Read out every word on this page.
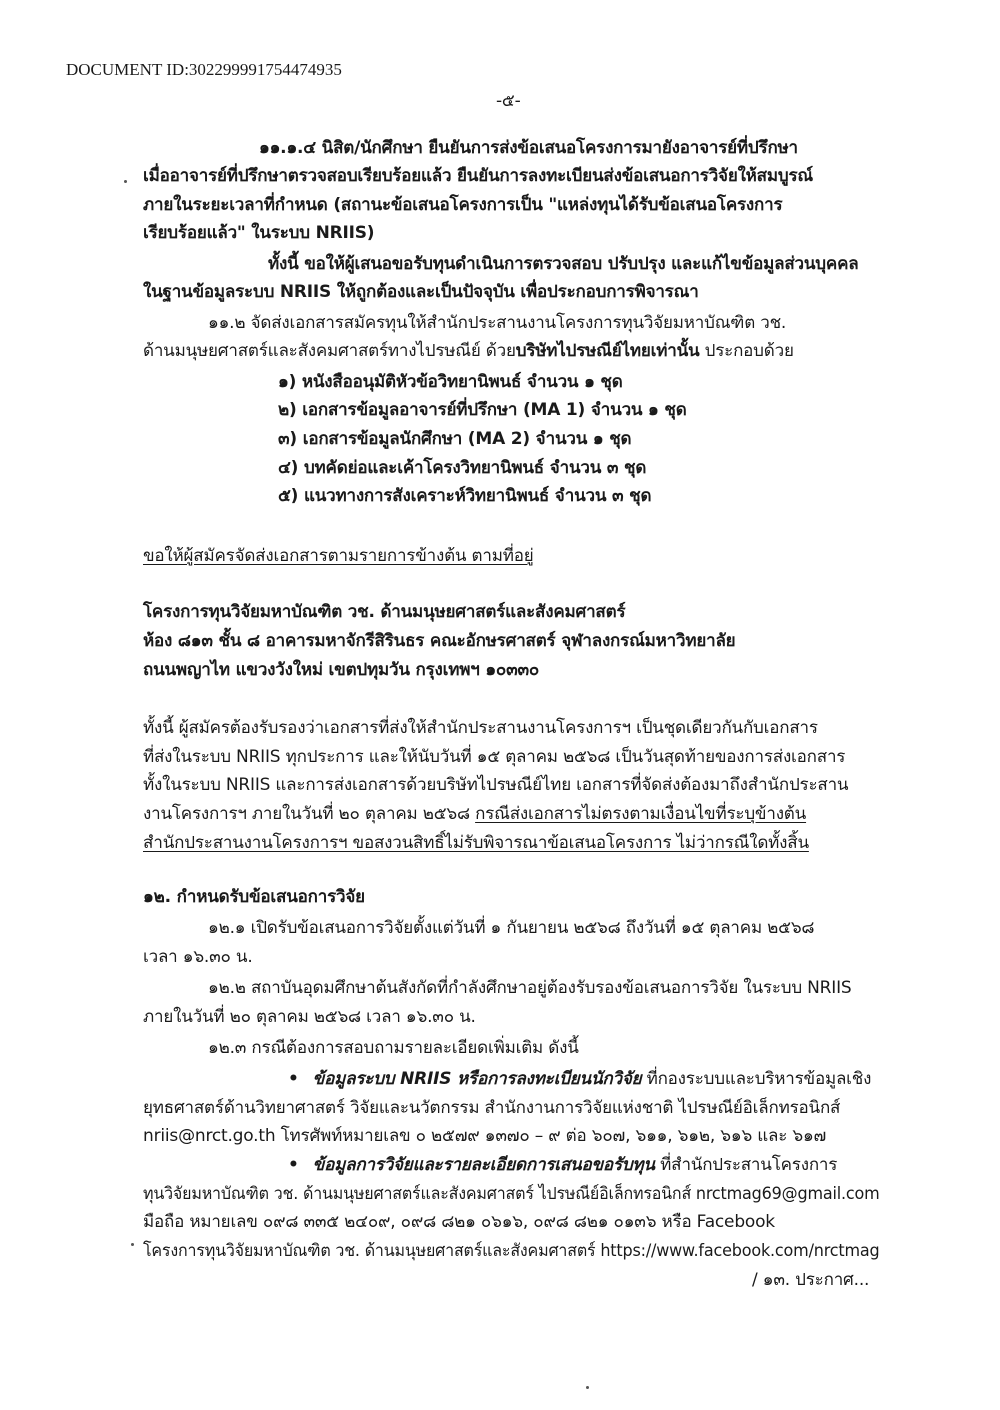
DOCUMENT ID:302299991754474935
-๕-
๑๑.๑.๔ นิสิต/นักศึกษา ยืนยันการส่งข้อเสนอโครงการมายังอาจารย์ที่ปรึกษา
เมื่ออาจารย์ที่ปรึกษาตรวจสอบเรียบร้อยแล้ว ยืนยันการลงทะเบียนส่งข้อเสนอการวิจัยให้สมบูรณ์
ภายในระยะเวลาที่กำหนด (สถานะข้อเสนอโครงการเป็น "แหล่งทุนได้รับข้อเสนอโครงการ
เรียบร้อยแล้ว" ในระบบ NRIIS)
ทั้งนี้ ขอให้ผู้เสนอขอรับทุนดำเนินการตรวจสอบ ปรับปรุง และแก้ไขข้อมูลส่วนบุคคล
ในฐานข้อมูลระบบ NRIIS ให้ถูกต้องและเป็นปัจจุบัน เพื่อประกอบการพิจารณา
๑๑.๒ จัดส่งเอกสารสมัครทุนให้สำนักประสานงานโครงการทุนวิจัยมหาบัณฑิต วช.
ด้านมนุษยศาสตร์และสังคมศาสตร์ทางไปรษณีย์ ด้วยบริษัทไปรษณีย์ไทยเท่านั้น ประกอบด้วย
๑) หนังสืออนุมัติหัวข้อวิทยานิพนธ์ จำนวน ๑ ชุด
๒) เอกสารข้อมูลอาจารย์ที่ปรึกษา (MA 1) จำนวน ๑ ชุด
๓) เอกสารข้อมูลนักศึกษา (MA 2) จำนวน ๑ ชุด
๔) บทคัดย่อและเค้าโครงวิทยานิพนธ์ จำนวน ๓ ชุด
๕) แนวทางการสังเคราะห์วิทยานิพนธ์ จำนวน ๓ ชุด
ขอให้ผู้สมัครจัดส่งเอกสารตามรายการข้างต้น ตามที่อยู่
โครงการทุนวิจัยมหาบัณฑิต วช. ด้านมนุษยศาสตร์และสังคมศาสตร์
ห้อง ๘๑๓ ชั้น ๘ อาคารมหาจักรีสิรินธร คณะอักษรศาสตร์ จุฬาลงกรณ์มหาวิทยาลัย
ถนนพญาไท แขวงวังใหม่ เขตปทุมวัน กรุงเทพฯ ๑๐๓๓๐
ทั้งนี้ ผู้สมัครต้องรับรองว่าเอกสารที่ส่งให้สำนักประสานงานโครงการฯ เป็นชุดเดียวกันกับเอกสาร
ที่ส่งในระบบ NRIIS ทุกประการ และให้นับวันที่ ๑๕ ตุลาคม ๒๕๖๘ เป็นวันสุดท้ายของการส่งเอกสาร
ทั้งในระบบ NRIIS และการส่งเอกสารด้วยบริษัทไปรษณีย์ไทย เอกสารที่จัดส่งต้องมาถึงสำนักประสาน
งานโครงการฯ ภายในวันที่ ๒๐ ตุลาคม ๒๕๖๘ กรณีส่งเอกสารไม่ตรงตามเงื่อนไขที่ระบุข้างต้น
สำนักประสานงานโครงการฯ ขอสงวนสิทธิ์ไม่รับพิจารณาข้อเสนอโครงการ ไม่ว่ากรณีใดทั้งสิ้น
๑๒. กำหนดรับข้อเสนอการวิจัย
๑๒.๑ เปิดรับข้อเสนอการวิจัยตั้งแต่วันที่ ๑ กันยายน ๒๕๖๘ ถึงวันที่ ๑๕ ตุลาคม ๒๕๖๘
เวลา ๑๖.๓๐ น.
๑๒.๒ สถาบันอุดมศึกษาต้นสังกัดที่กำลังศึกษาอยู่ต้องรับรองข้อเสนอการวิจัย ในระบบ NRIIS
ภายในวันที่ ๒๐ ตุลาคม ๒๕๖๘ เวลา ๑๖.๓๐ น.
๑๒.๓ กรณีต้องการสอบถามรายละเอียดเพิ่มเติม ดังนี้
• ข้อมูลระบบ NRIIS หรือการลงทะเบียนนักวิจัย ที่กองระบบและบริหารข้อมูลเชิง
ยุทธศาสตร์ด้านวิทยาศาสตร์ วิจัยและนวัตกรรม สำนักงานการวิจัยแห่งชาติ ไปรษณีย์อิเล็กทรอนิกส์
nriis@nrct.go.th โทรศัพท์หมายเลข ๐ ๒๕๗๙ ๑๓๗๐ – ๙ ต่อ ๖๐๗, ๖๑๑, ๖๑๒, ๖๑๖ และ ๖๑๗
• ข้อมูลการวิจัยและรายละเอียดการเสนอขอรับทุน ที่สำนักประสานโครงการ
ทุนวิจัยมหาบัณฑิต วช. ด้านมนุษยศาสตร์และสังคมศาสตร์ ไปรษณีย์อิเล็กทรอนิกส์ nrctmag69@gmail.com
มือถือ หมายเลข ๐๙๘ ๓๓๕ ๒๔๐๙, ๐๙๘ ๘๒๑ ๐๖๑๖, ๐๙๘ ๘๒๑ ๐๑๓๖ หรือ Facebook
โครงการทุนวิจัยมหาบัณฑิต วช. ด้านมนุษยศาสตร์และสังคมศาสตร์ https://www.facebook.com/nrctmag
/ ๑๓. ประกาศ...
